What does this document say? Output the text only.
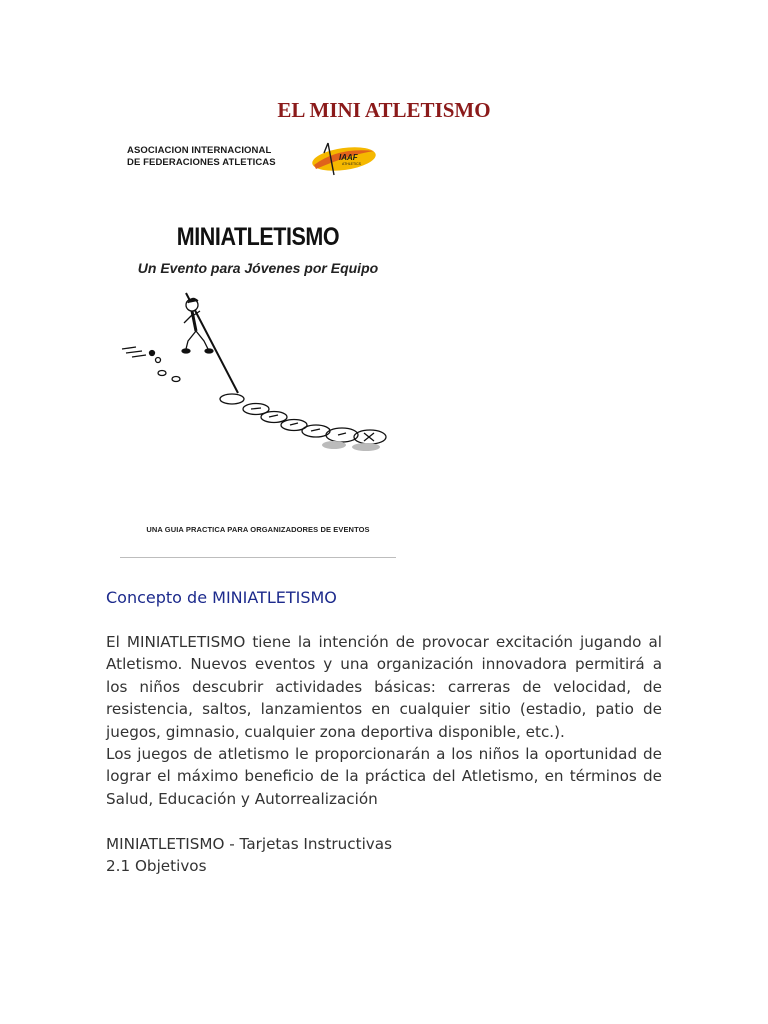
EL MINI ATLETISMO
ASOCIACION INTERNACIONAL
DE FEDERACIONES ATLETICAS	IAAF
ATHLETICS
MINIATLETISMO
Un Evento para Jóvenes por Equipo
UNA GUIA PRACTICA PARA ORGANIZADORES DE EVENTOS
Concepto de MINIATLETISMO

El MINIATLETISMO tiene la intención de provocar excitación jugando al Atletismo. Nuevos eventos y una organización innovadora permitirá a los niños descubrir actividades básicas: carreras de velocidad, de resistencia, saltos, lanzamientos en cualquier sitio (estadio, patio de juegos, gimnasio, cualquier zona deportiva disponible, etc.).

Los juegos de atletismo le proporcionarán a los niños la oportunidad de lograr el máximo beneficio de la práctica del Atletismo, en términos de Salud, Educación y Autorrealización

MINIATLETISMO - Tarjetas Instructivas
2.1 Objetivos
